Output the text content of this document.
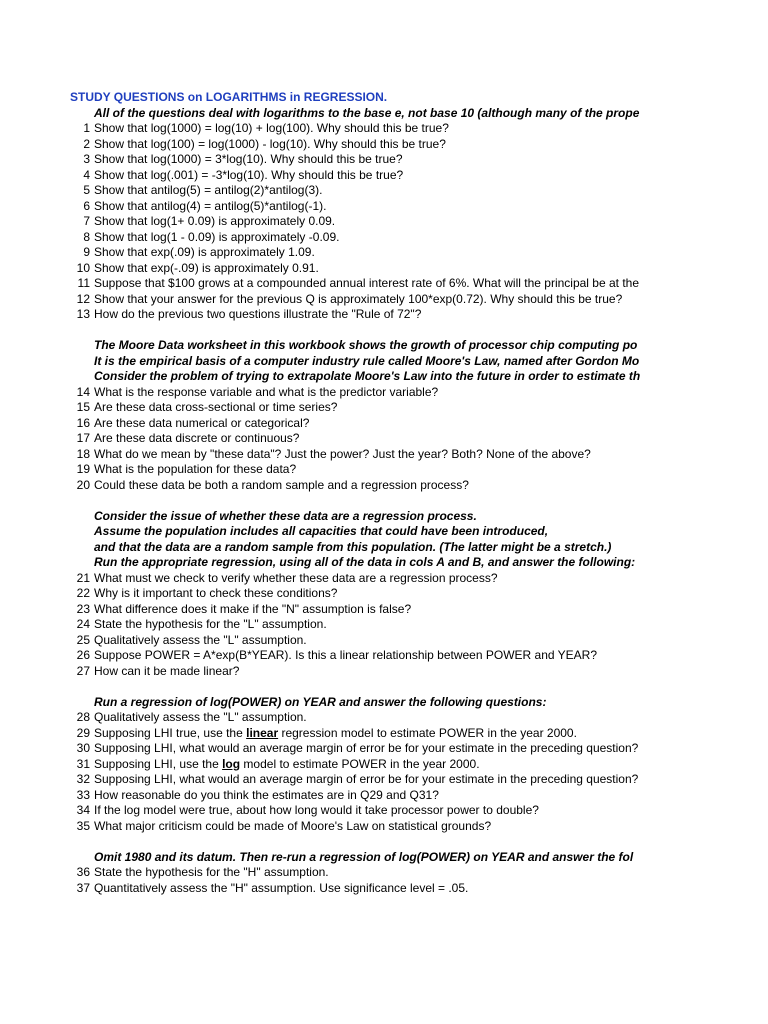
STUDY QUESTIONS on LOGARITHMS in REGRESSION.
All of the questions deal with logarithms to the base e, not base 10 (although many of the prope
1 Show that log(1000) = log(10) + log(100). Why should this be true?
2 Show that log(100) = log(1000) - log(10). Why should this be true?
3 Show that log(1000) = 3*log(10). Why should this be true?
4 Show that log(.001) = -3*log(10). Why should this be true?
5 Show that antilog(5) = antilog(2)*antilog(3).
6 Show that antilog(4) = antilog(5)*antilog(-1).
7 Show that log(1+ 0.09) is approximately 0.09.
8 Show that log(1 - 0.09) is approximately -0.09.
9 Show that exp(.09) is approximately 1.09.
10 Show that exp(-.09) is approximately 0.91.
11 Suppose that $100 grows at a compounded annual interest rate of 6%. What will the principal be at the
12 Show that your answer for the previous Q is approximately 100*exp(0.72). Why should this be true?
13 How do the previous two questions illustrate the "Rule of 72"?
The Moore Data worksheet in this workbook shows the growth of processor chip computing po
It is the empirical basis of a computer industry rule called Moore's Law, named after Gordon Mo
Consider the problem of trying to extrapolate Moore's Law into the future in order to estimate th
14 What is the response variable and what is the predictor variable?
15 Are these data cross-sectional or time series?
16 Are these data numerical or categorical?
17 Are these data discrete or continuous?
18 What do we mean by "these data"? Just the power? Just the year? Both? None of the above?
19 What is the population for these data?
20 Could these data be both a random sample and a regression process?
Consider the issue of whether these data are a regression process.
Assume the population includes all capacities that could have been introduced,
and that the data are a random sample from this population. (The latter might be a stretch.)
Run the appropriate regression, using all of the data in cols A and B, and answer the following:
21 What must we check to verify whether these data are a regression process?
22 Why is it important to check these conditions?
23 What difference does it make if the "N" assumption is false?
24 State the hypothesis for the "L" assumption.
25 Qualitatively assess the "L" assumption.
26 Suppose POWER = A*exp(B*YEAR). Is this a linear relationship between POWER and YEAR?
27 How can it be made linear?
Run a regression of log(POWER) on YEAR and answer the following questions:
28 Qualitatively assess the "L" assumption.
29 Supposing LHI true, use the linear regression model to estimate POWER in the year 2000.
30 Supposing LHI, what would an average margin of error be for your estimate in the preceding question?
31 Supposing LHI, use the log model to estimate POWER in the year 2000.
32 Supposing LHI, what would an average margin of error be for your estimate in the preceding question?
33 How reasonable do you think the estimates are in Q29 and Q31?
34 If the log model were true, about how long would it take processor power to double?
35 What major criticism could be made of Moore's Law on statistical grounds?
Omit 1980 and its datum. Then re-run a regression of log(POWER) on YEAR and answer the fol
36 State the hypothesis for the "H" assumption.
37 Quantitatively assess the "H" assumption. Use significance level = .05.
